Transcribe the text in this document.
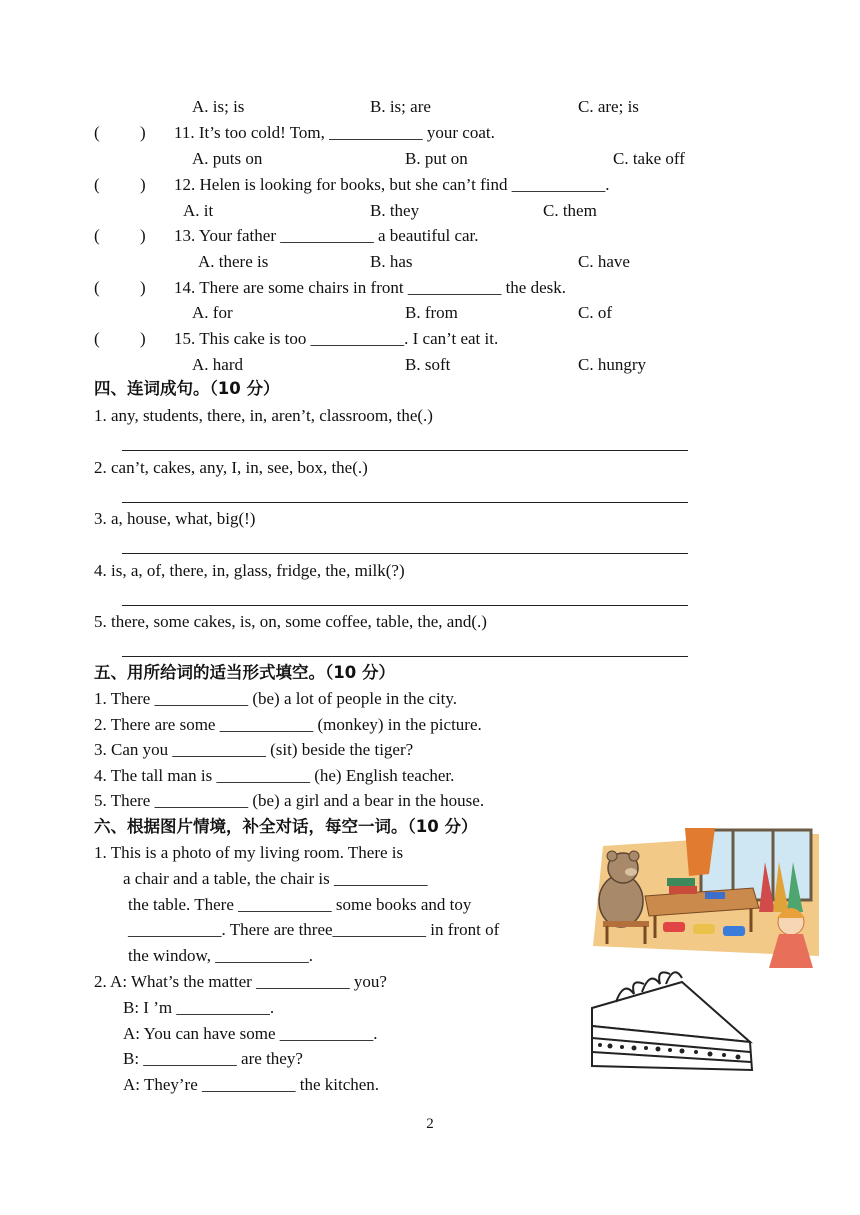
A. is; is	B. is; are	C. are; is
( ) 11. It’s too cold! Tom, ___________ your coat.
A. puts on	B. put on	C. take off
( ) 12. Helen is looking for books, but she can’t find ___________.
A. it	B. they	C. them
( ) 13. Your father ___________ a beautiful car.
A. there is	B. has	C. have
( ) 14. There are some chairs in front ___________ the desk.
A. for	B. from	C. of
( ) 15. This cake is too ___________. I can’t eat it.
A. hard	B. soft	C. hungry
四、连词成句。（10 分）
1. any, students, there, in, aren’t, classroom, the(.)
2. can’t, cakes, any, I, in, see, box, the(.)
3. a, house, what, big(!)
4. is, a, of, there, in, glass, fridge, the, milk(?)
5. there, some cakes, is, on, some coffee, table, the, and(.)
五、用所给词的适当形式填空。（10 分）
1. There ___________ (be) a lot of people in the city.
2. There are some ___________ (monkey) in the picture.
3. Can you ___________ (sit) beside the tiger?
4. The tall man is ___________ (he) English teacher.
5. There ___________ (be) a girl and a bear in the house.
六、根据图片情境，补全对话，每空一词。（10 分）
1. This is a photo of my living room. There is
a chair and a table, the chair is ___________
the table. There ___________ some books and toy
___________. There are three___________ in front of
the window, ___________.
2. A: What’s the matter ___________ you?
B: I ’m ___________.
A: You can have some ___________.
B: ___________ are they?
A: They’re ___________ the kitchen.
2
